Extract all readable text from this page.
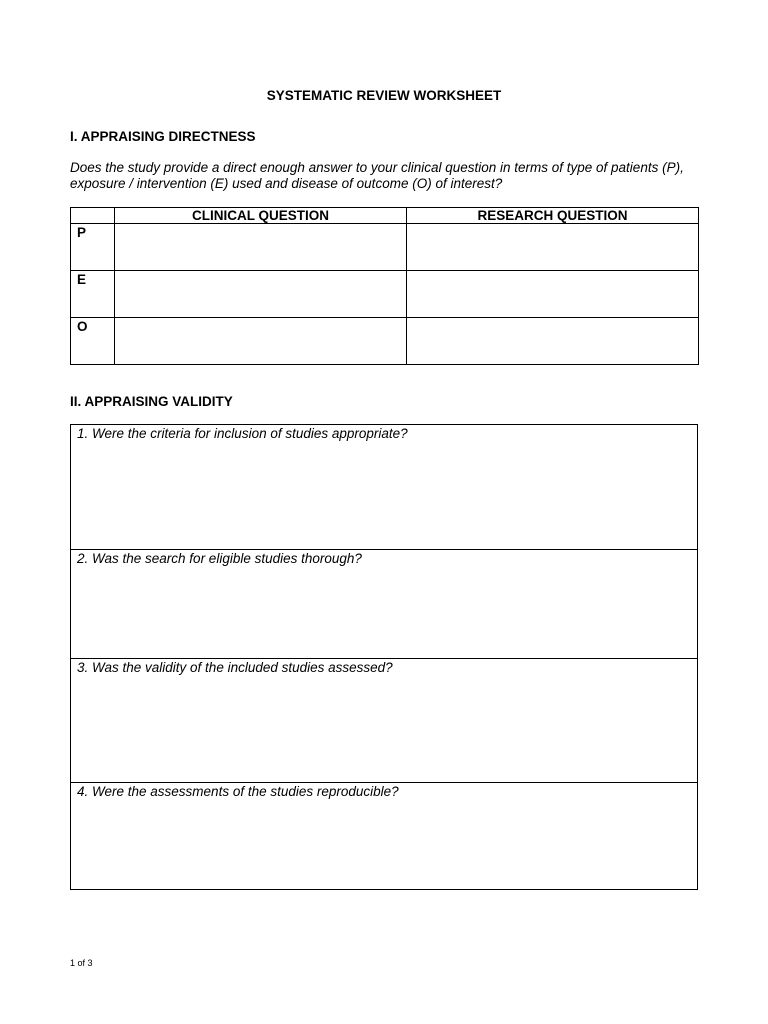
SYSTEMATIC REVIEW WORKSHEET
I. APPRAISING DIRECTNESS
Does the study provide a direct enough answer to your clinical question in terms of type of patients (P), exposure / intervention (E) used and disease of outcome (O) of interest?
	CLINICAL QUESTION	RESEARCH QUESTION
P		
E		
O		
II. APPRAISING VALIDITY
1. Were the criteria for inclusion of studies appropriate?
2. Was the search for eligible studies thorough?
3. Was the validity of the included studies assessed?
4. Were the assessments of the studies reproducible?
1 of 3
